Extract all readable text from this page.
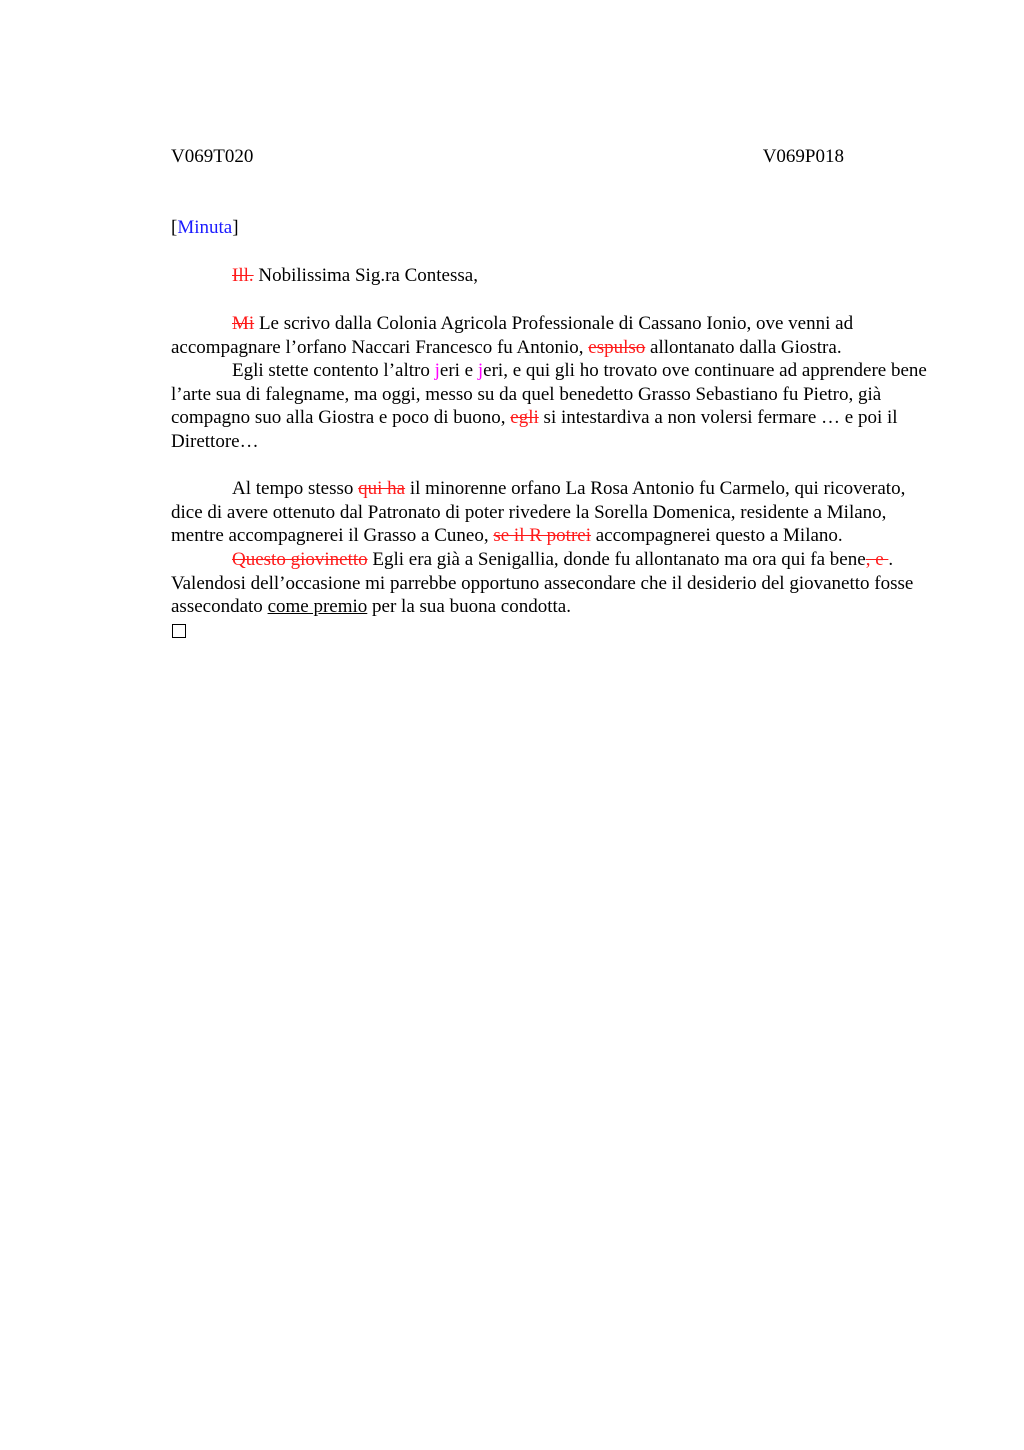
V069T020	V069P018
[Minuta]
Ill. Nobilissima Sig.ra Contessa,

Mi Le scrivo dalla Colonia Agricola Professionale di Cassano Ionio, ove venni ad accompagnare l’orfano Naccari Francesco fu Antonio, espulso allontanato dalla Giostra.

Egli stette contento l’altro jeri e jeri, e qui gli ho trovato ove continuare ad apprendere bene l’arte sua di falegname, ma oggi, messo su da quel benedetto Grasso Sebastiano fu Pietro, già compagno suo alla Giostra e poco di buono, egli si intestardiva a non volersi fermare … e poi il Direttore…

Al tempo stesso qui ha il minorenne orfano La Rosa Antonio fu Carmelo, qui ricoverato, dice di avere ottenuto dal Patronato di poter rivedere la Sorella Domenica, residente a Milano, mentre accompagnerei il Grasso a Cuneo, se il R potrei accompagnerei questo a Milano.

Questo giovinetto Egli era già a Senigallia, donde fu allontanato ma ora qui fa bene, e . Valendosi dell’occasione mi parrebbe opportuno assecondare che il desiderio del giovanetto fosse assecondato come premio per la sua buona condotta.
